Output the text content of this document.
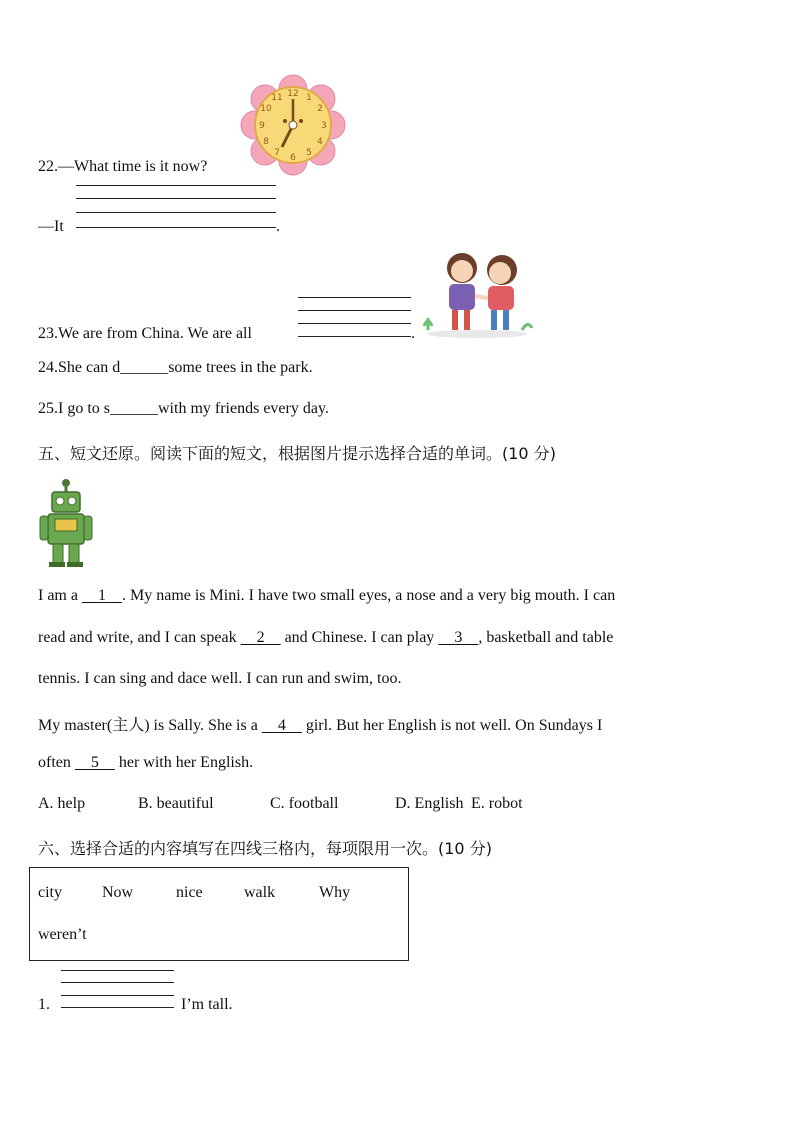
12 1
2
3
4
5
6
7
8
9
10
11
22.—What time is it now?
—It	.
23.We are from China. We are all	.
24.She can d______some trees in the park.
25.I go to s______with my friends every day.
五、短文还原。阅读下面的短文，根据图片提示选择合适的单词。(10 分)
I am a     1 . My name is Mini. I have two small eyes, a nose and a very big mouth. I can
read and write, and I can speak     2     and Chinese. I can play     3 , basketball and table
tennis. I can sing and dace well. I can run and swim, too.
My master(主人) is Sally. She is a     4     girl. But her English is not well. On Sundays I
often     5     her with her English.
A. help	B. beautiful	C. football	D. English E. robot
六、选择合适的内容填写在四线三格内，每项限用一次。(10 分)
city	Now	nice	walk	Why
weren’t
1.	I’m tall.
